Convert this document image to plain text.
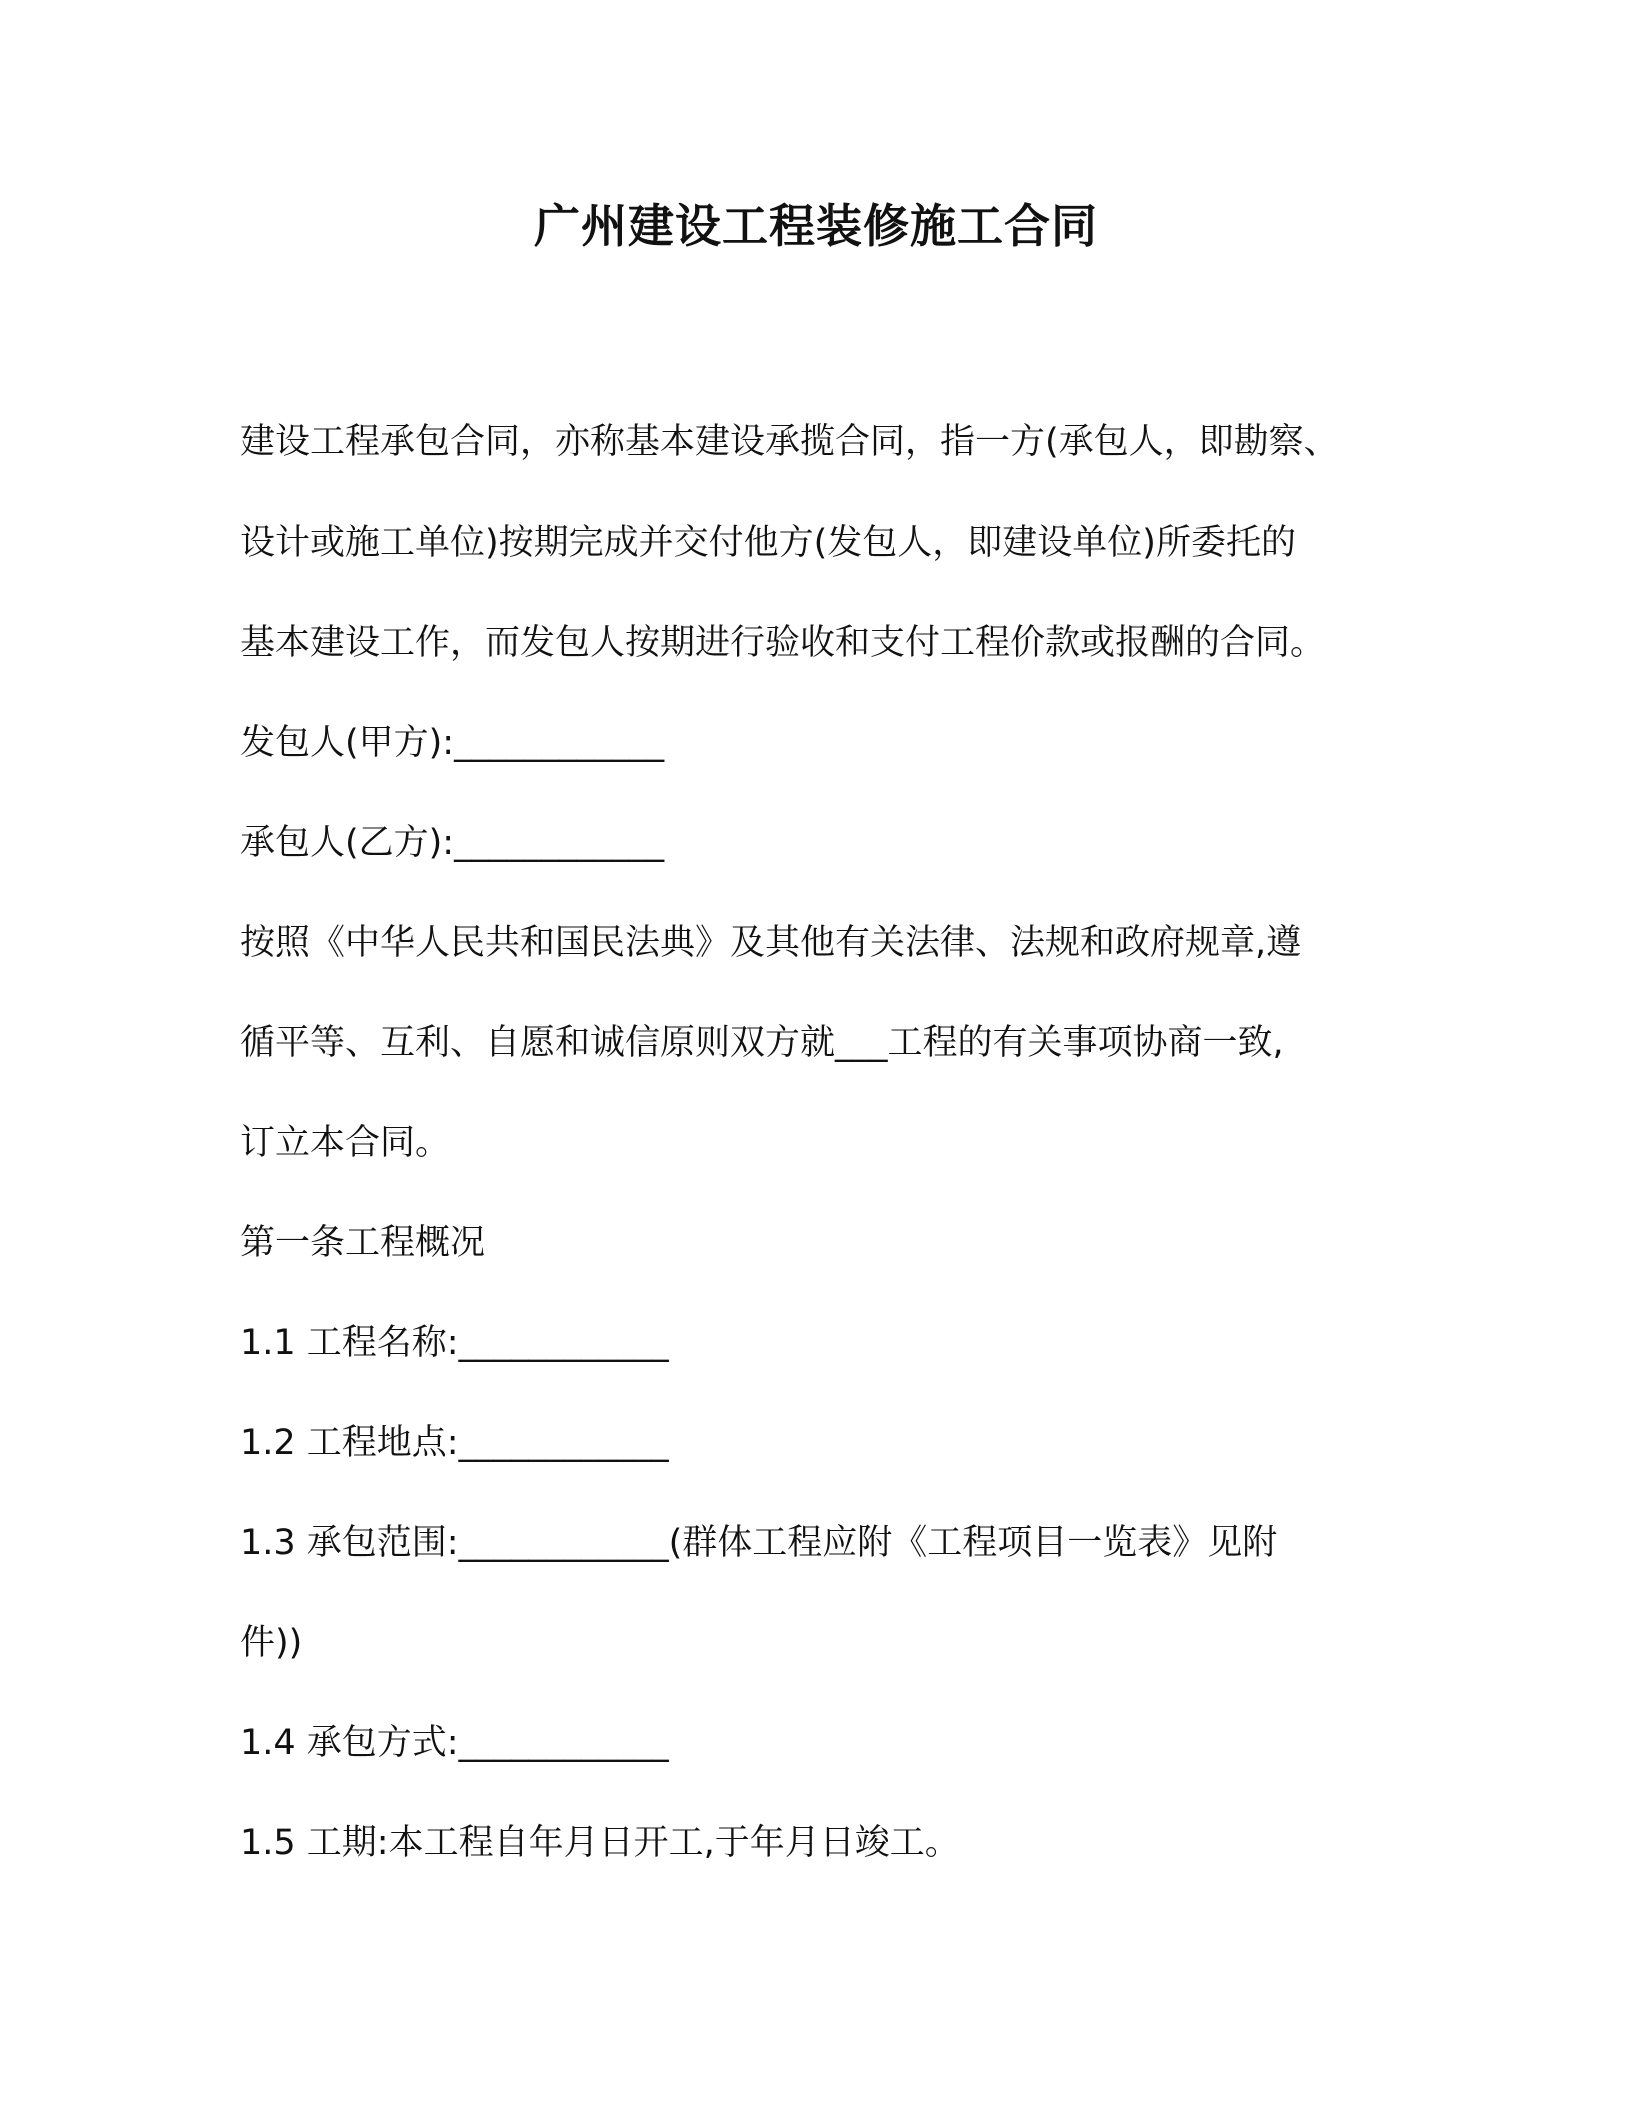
广州建设工程装修施工合同
建设工程承包合同，亦称基本建设承揽合同，指一方(承包人，即勘察、
设计或施工单位)按期完成并交付他方(发包人，即建设单位)所委托的
基本建设工作，而发包人按期进行验收和支付工程价款或报酬的合同。
发包人(甲方):____________
承包人(乙方):____________
按照《中华人民共和国民法典》及其他有关法律、法规和政府规章,遵
循平等、互利、自愿和诚信原则双方就___工程的有关事项协商一致,
订立本合同。
第一条工程概况
1.1 工程名称:____________
1.2 工程地点:____________
1.3 承包范围:____________(群体工程应附《工程项目一览表》见附
件))
1.4 承包方式:____________
1.5 工期:本工程自年月日开工,于年月日竣工。
